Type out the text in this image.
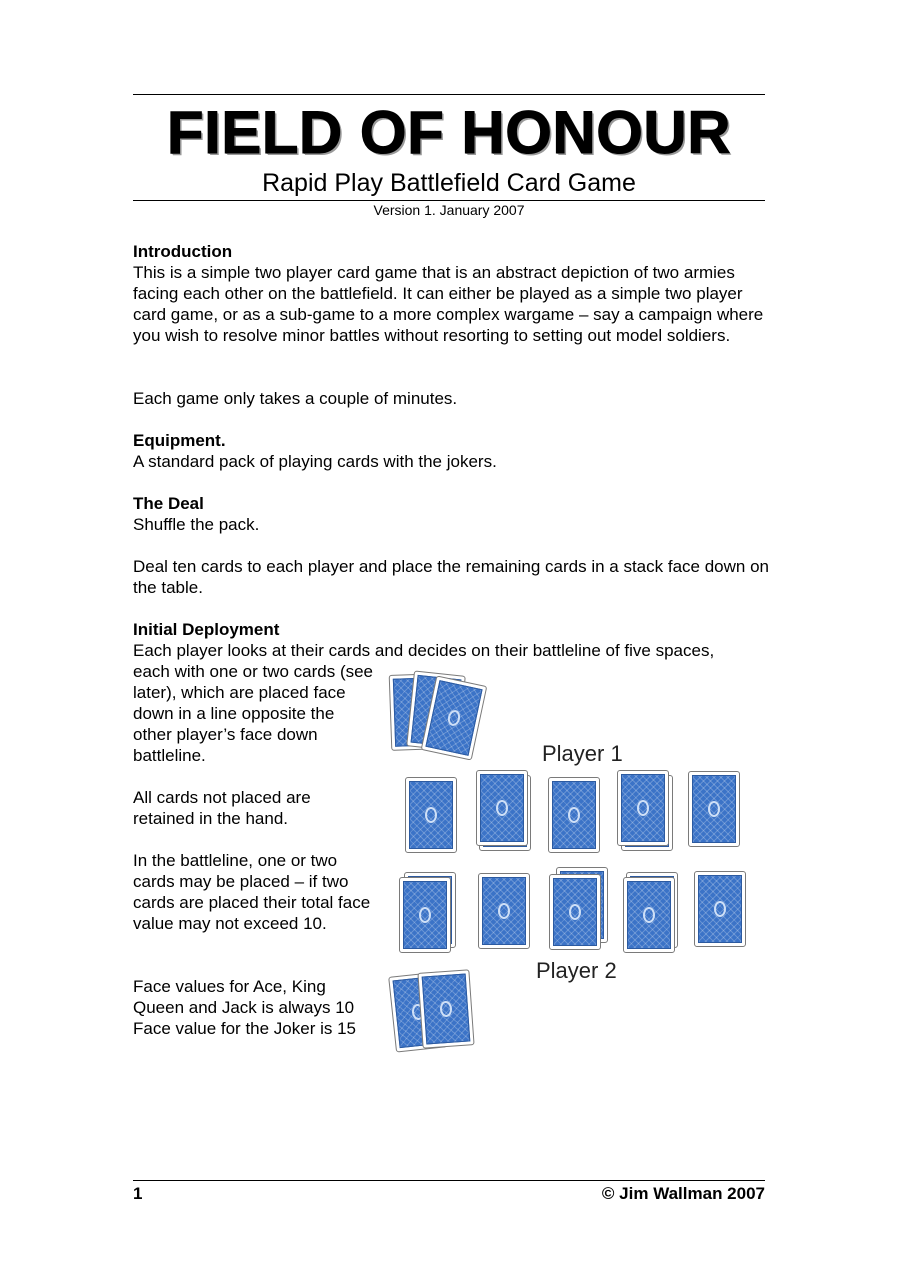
FIELD OF HONOUR
Rapid Play Battlefield Card Game
Version 1. January 2007
Introduction

This is a simple two player card game that is an abstract depiction of two armies facing each other on the battlefield. It can either be played as a simple two player card game, or as a sub-game to a more complex wargame – say a campaign where you wish to resolve minor battles without resorting to setting out model soldiers.

Each game only takes a couple of minutes.

Equipment.

A standard pack of playing cards with the jokers.

The Deal

Shuffle the pack.

Deal ten cards to each player and place the remaining cards in a stack face down on the table.

Initial Deployment

Each player looks at their cards and decides on their battleline of five spaces,

each with one or two cards (see later), which are placed face down in a line opposite the other player’s face down battleline.

All cards not placed are retained in the hand.

In the battleline, one or two cards may be placed – if two cards are placed their total face value may not exceed 10.

Face values for Ace, King
Queen and Jack is always 10
Face value for the Joker is 15
Player 1
Player 2
1	© Jim Wallman 2007
